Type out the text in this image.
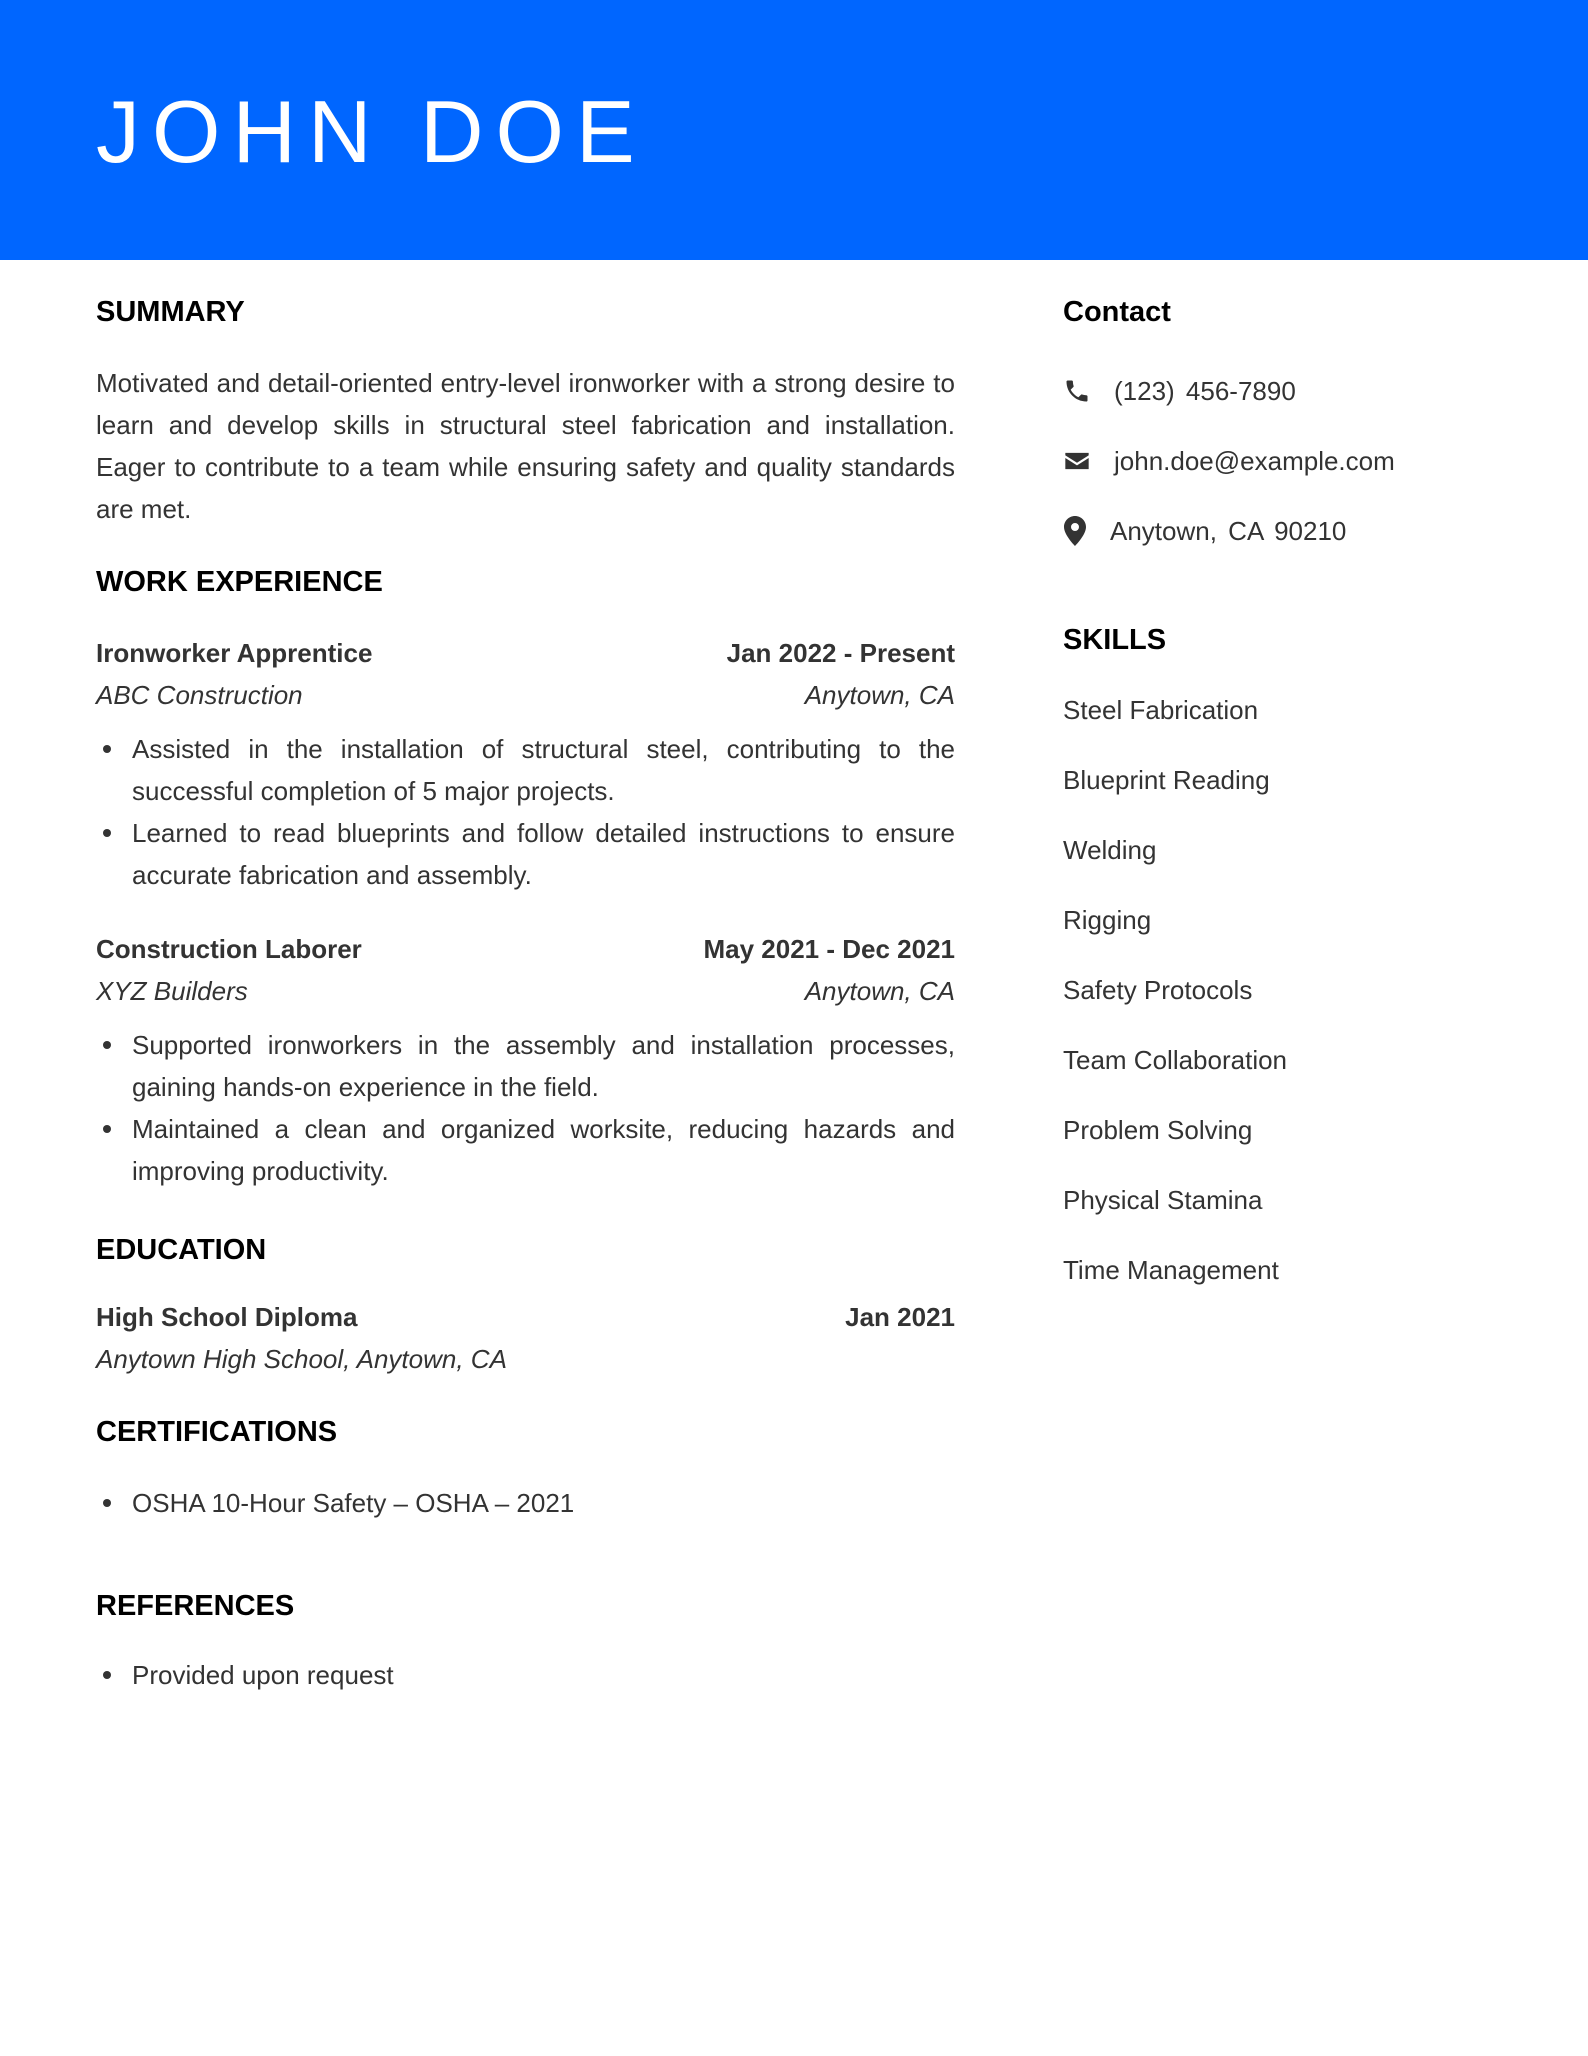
JOHN DOE
SUMMARY

Motivated and detail-oriented entry-level ironworker with a strong desire to learn and develop skills in structural steel fabrication and installation. Eager to contribute to a team while ensuring safety and quality standards are met.

WORK EXPERIENCE
Ironworker Apprentice	Jan 2022 - Present
ABC Construction	Anytown, CA
Assisted in the installation of structural steel, contributing to the successful completion of 5 major projects.
Learned to read blueprints and follow detailed instructions to ensure accurate fabrication and assembly.
Construction Laborer	May 2021 - Dec 2021
XYZ Builders	Anytown, CA
Supported ironworkers in the assembly and installation processes, gaining hands-on experience in the field.
Maintained a clean and organized worksite, reducing hazards and improving productivity.
EDUCATION
High School Diploma	Jan 2021
Anytown High School, Anytown, CA
CERTIFICATIONS
OSHA 10-Hour Safety – OSHA – 2021
REFERENCES
Provided upon request
Contact
(123) 456-7890
john.doe@example.com
Anytown, CA 90210
SKILLS
Steel Fabrication
Blueprint Reading
Welding
Rigging
Safety Protocols
Team Collaboration
Problem Solving
Physical Stamina
Time Management
